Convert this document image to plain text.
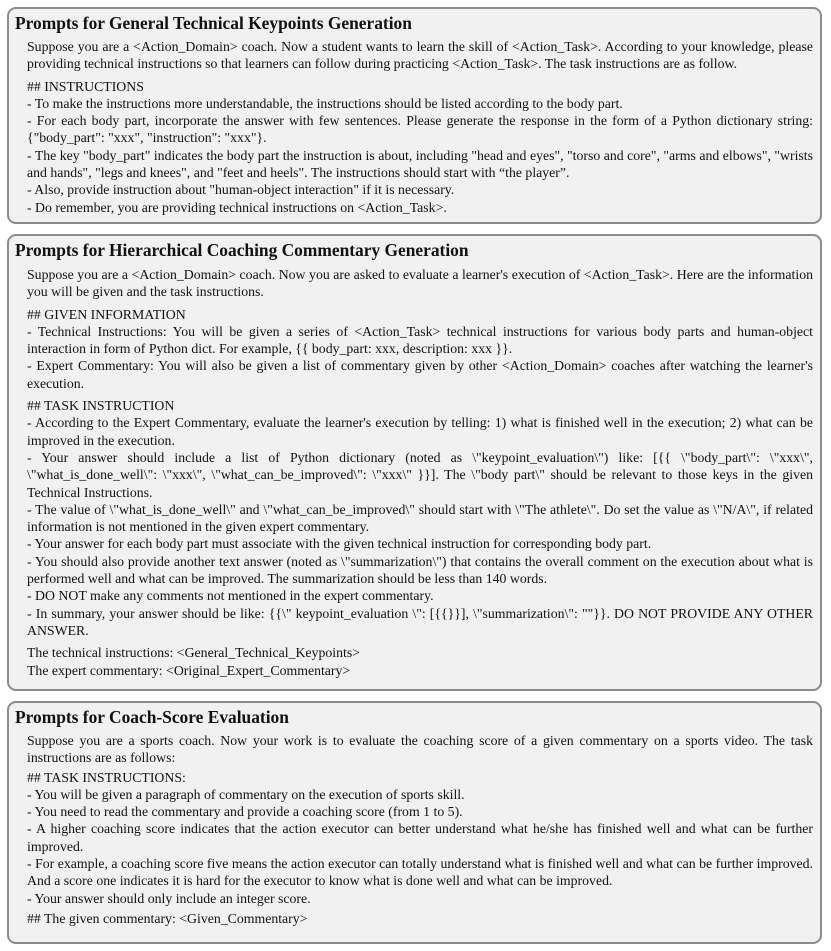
Prompts for General Technical Keypoints Generation

Suppose you are a <Action_Domain> coach. Now a student wants to learn the skill of <Action_Task>. According to your knowledge, please providing technical instructions so that learners can follow during practicing <Action_Task>. The task instructions are as follow.

## INSTRUCTIONS

- To make the instructions more understandable, the instructions should be listed according to the body part.

- For each body part, incorporate the answer with few sentences. Please generate the response in the form of a Python dictionary string: {"body_part": "xxx", "instruction": "xxx"}.

- The key "body_part" indicates the body part the instruction is about, including "head and eyes", "torso and core", "arms and elbows", "wrists and hands", "legs and knees", and "feet and heels". The instructions should start with “the player”.

- Also, provide instruction about "human-object interaction" if it is necessary.

- Do remember, you are providing technical instructions on <Action_Task>.

Prompts for Hierarchical Coaching Commentary Generation

Suppose you are a <Action_Domain> coach. Now you are asked to evaluate a learner's execution of <Action_Task>. Here are the information you will be given and the task instructions.

## GIVEN INFORMATION

- Technical Instructions: You will be given a series of <Action_Task> technical instructions for various body parts and human-object interaction in form of Python dict. For example, {{ body_part: xxx, description: xxx }}.

- Expert Commentary: You will also be given a list of commentary given by other <Action_Domain> coaches after watching the learner's execution.

## TASK INSTRUCTION

- According to the Expert Commentary, evaluate the learner's execution by telling: 1) what is finished well in the execution; 2) what can be improved in the execution.

- Your answer should include a list of Python dictionary (noted as \"keypoint_evaluation\") like: [{{ \"body_part\": \"xxx\", \"what_is_done_well\": \"xxx\", \"what_can_be_improved\": \"xxx\" }}]. The \"body part\" should be relevant to those keys in the given Technical Instructions.

- The value of \"what_is_done_well\" and \"what_can_be_improved\" should start with \"The athlete\". Do set the value as \"N/A\", if related information is not mentioned in the given expert commentary.

- Your answer for each body part must associate with the given technical instruction for corresponding body part.

- You should also provide another text answer (noted as \"summarization\") that contains the overall comment on the execution about what is performed well and what can be improved. The summarization should be less than 140 words.

- DO NOT make any comments not mentioned in the expert commentary.

- In summary, your answer should be like: {{\" keypoint_evaluation \": [{{}}], \"summarization\": ""}}. DO NOT PROVIDE ANY OTHER ANSWER.

The technical instructions: <General_Technical_Keypoints>

The expert commentary: <Original_Expert_Commentary>

Prompts for Coach-Score Evaluation

Suppose you are a sports coach. Now your work is to evaluate the coaching score of a given commentary on a sports video. The task instructions are as follows:

## TASK INSTRUCTIONS:

- You will be given a paragraph of commentary on the execution of sports skill.

- You need to read the commentary and provide a coaching score (from 1 to 5).

- A higher coaching score indicates that the action executor can better understand what he/she has finished well and what can be further improved.

- For example, a coaching score five means the action executor can totally understand what is finished well and what can be further improved. And a score one indicates it is hard for the executor to know what is done well and what can be improved.

- Your answer should only include an integer score.

## The given commentary: <Given_Commentary>
